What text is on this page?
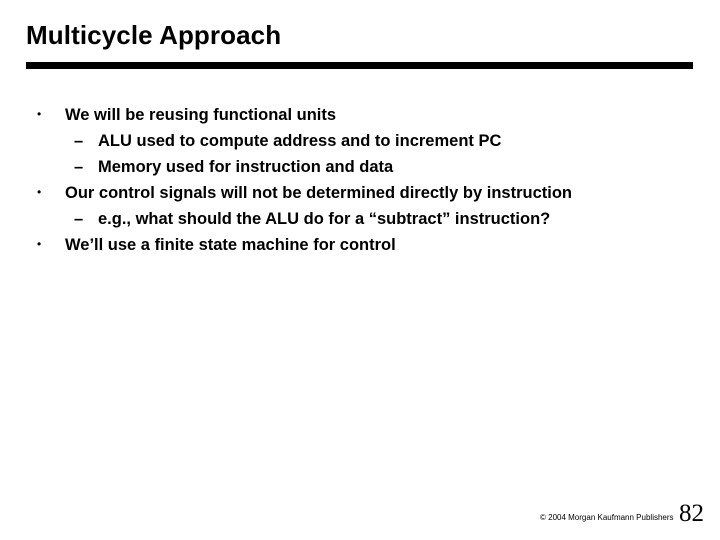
Multicycle Approach
• We will be reusing functional units
– ALU used to compute address and to increment PC
– Memory used for instruction and data
• Our control signals will not be determined directly by instruction
– e.g., what should the ALU do for a “subtract” instruction?
• We’ll use a finite state machine for control
© 2004 Morgan Kaufmann Publishers 82
